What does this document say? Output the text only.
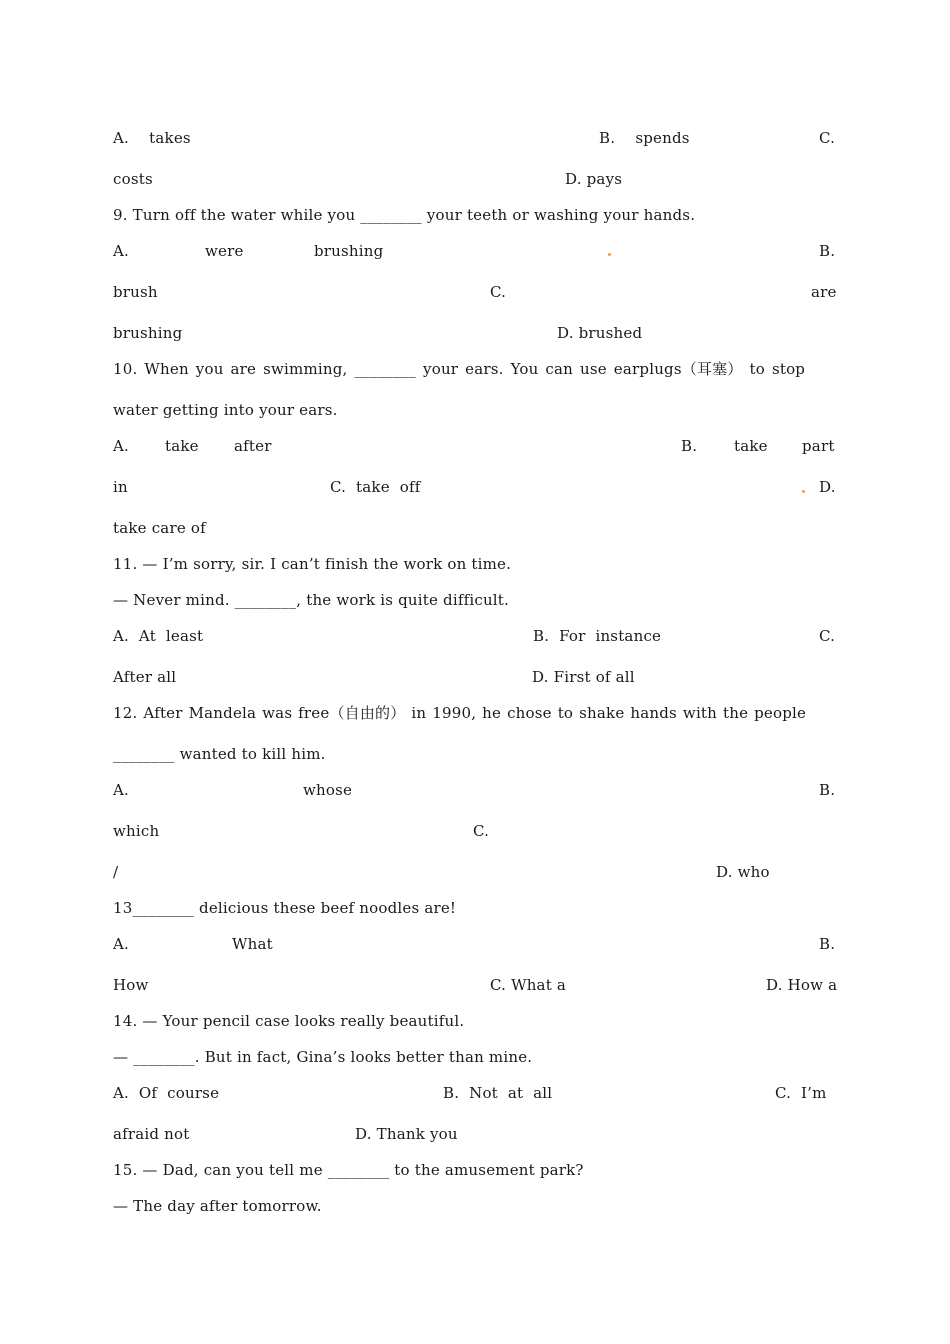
A.　 takes	B.　 spends	C.
costs	D. pays
9. Turn off the water while you ________ your teeth or washing your hands.
A.	were	brushing	B.
brush	C.	are
brushing	D. brushed
10. When you are swimming, ________ your ears. You can use earplugs（耳塞） to stop
water getting into your ears.
A. take after	B. take part
in	C.  take  off	D.
take care of
11. — I’m sorry, sir. I can’t finish the work on time.
— Never mind. ________, the work is quite difficult.
A.  At  least	B.  For  instance	C.
After all	D. First of all
12. After Mandela was free（自由的） in 1990, he chose to shake hands with the people
________ wanted to kill him.
A.	whose	B.
which	C.
/	D. who
13________ delicious these beef noodles are!
A.	What	B.
How	C. What a	D. How a
14. — Your pencil case looks really beautiful.
— ________. But in fact, Gina’s looks better than mine.
A.  Of  course	B.  Not  at  all	C.  I’m
afraid not	D. Thank you
15. — Dad, can you tell me ________ to the amusement park?
— The day after tomorrow.
